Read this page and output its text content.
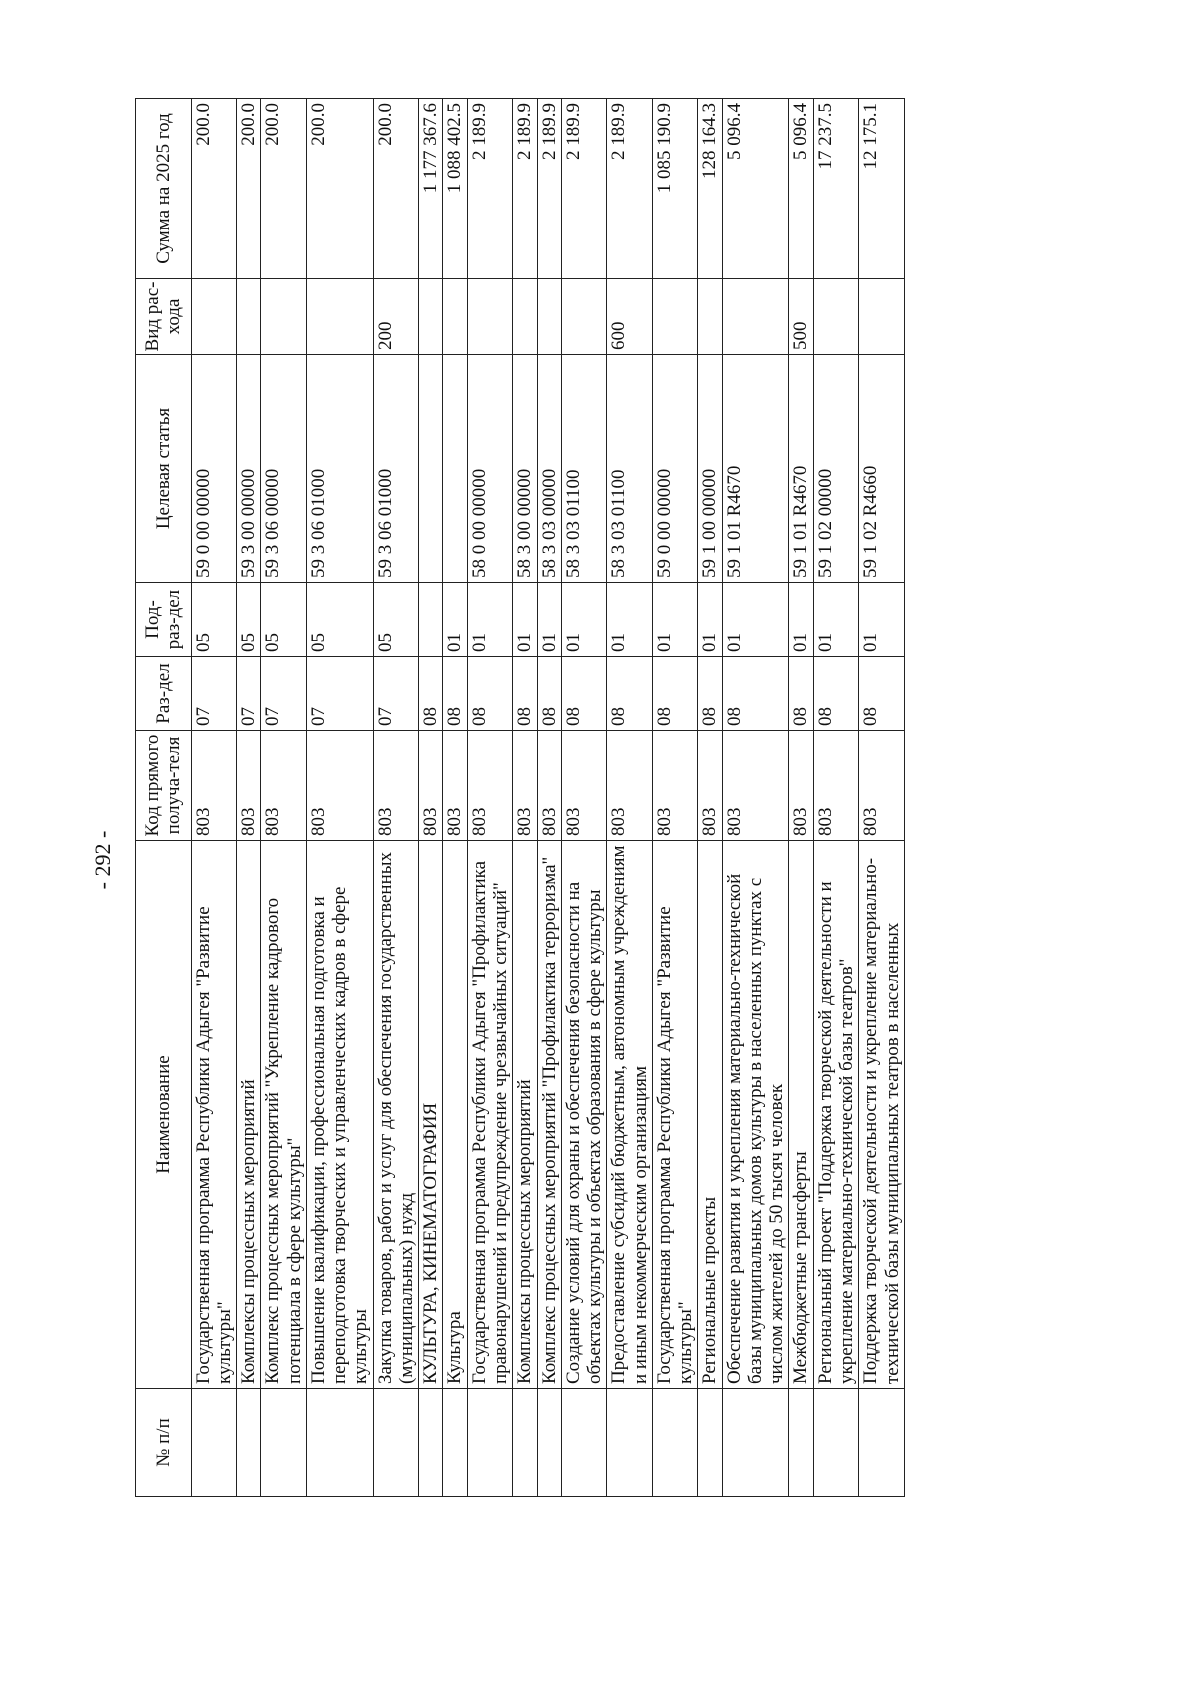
- 292 -
№ п/п	Наименование	Код прямого получа-теля	Раз-дел	Под-раз-дел	Целевая статья	Вид рас-хода	Сумма на 2025 год
	Государственная программа Республики Адыгея "Развитие культуры"	803	07	05	59 0 00 00000		200.0
	Комплексы процессных мероприятий	803	07	05	59 3 00 00000		200.0
	Комплекс процессных мероприятий "Укрепление кадрового потенциала в сфере культуры"	803	07	05	59 3 06 00000		200.0
	Повышение квалификации, профессиональная подготовка и переподготовка творческих и управленческих кадров в сфере культуры	803	07	05	59 3 06 01000		200.0
	Закупка товаров, работ и услуг для обеспечения государственных (муниципальных) нужд	803	07	05	59 3 06 01000	200	200.0
	КУЛЬТУРА, КИНЕМАТОГРАФИЯ	803	08				1 177 367.6
	Культура	803	08	01			1 088 402.5
	Государственная программа Республики Адыгея "Профилактика правонарушений и предупреждение чрезвычайных ситуаций"	803	08	01	58 0 00 00000		2 189.9
	Комплексы процессных мероприятий	803	08	01	58 3 00 00000		2 189.9
	Комплекс процессных мероприятий "Профилактика терроризма"	803	08	01	58 3 03 00000		2 189.9
	Создание условий для охраны и обеспечения безопасности на объектах культуры и объектах образования в сфере культуры	803	08	01	58 3 03 01100		2 189.9
	Предоставление субсидий бюджетным, автономным учреждениям и иным некоммерческим организациям	803	08	01	58 3 03 01100	600	2 189.9
	Государственная программа Республики Адыгея "Развитие культуры"	803	08	01	59 0 00 00000		1 085 190.9
	Региональные проекты	803	08	01	59 1 00 00000		128 164.3
	Обеспечение развития и укрепления материально-технической базы муниципальных домов культуры в населенных пунктах с числом жителей до 50 тысяч человек	803	08	01	59 1 01 R4670		5 096.4
	Межбюджетные трансферты	803	08	01	59 1 01 R4670	500	5 096.4
	Региональный проект "Поддержка творческой деятельности и укрепление материально-технической базы театров"	803	08	01	59 1 02 00000		17 237.5
	Поддержка творческой деятельности и укрепление материально-технической базы муниципальных театров в населенных	803	08	01	59 1 02 R4660		12 175.1
